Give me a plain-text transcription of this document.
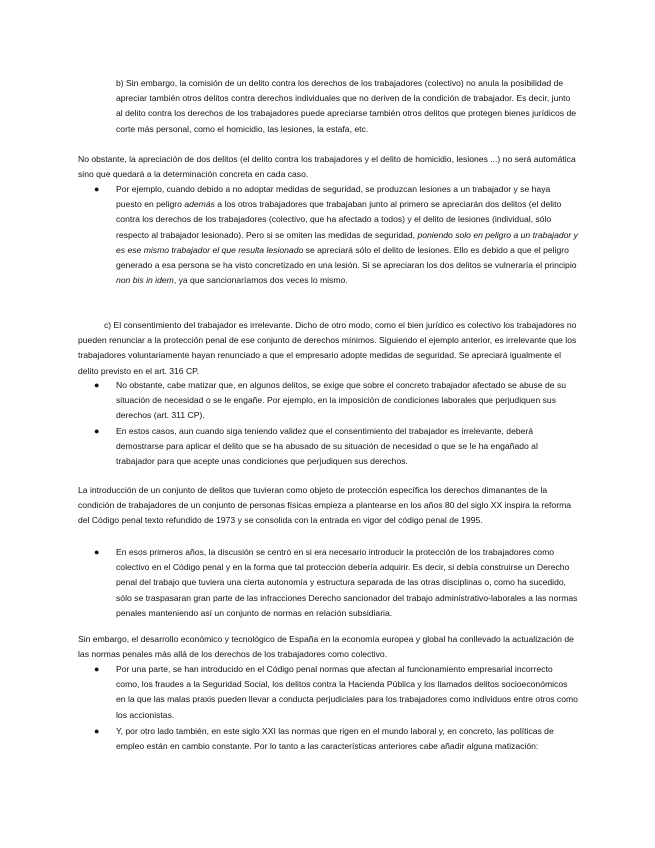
b) Sin embargo, la comisión de un delito contra los derechos de los trabajadores (colectivo) no anula la posibilidad de apreciar también otros delitos contra derechos individuales que no deriven de la condición de trabajador. Es decir, junto al delito contra los derechos de los trabajadores puede apreciarse también otros delitos que protegen bienes jurídicos de corte más personal, como el homicidio, las lesiones, la estafa, etc.

No obstante, la apreciación de dos delitos (el delito contra los trabajadores y el delito de homicidio, lesiones ...) no será automática sino que quedará a la determinación concreta en cada caso.

● Por ejemplo, cuando debido a no adoptar medidas de seguridad, se produzcan lesiones a un trabajador y se haya puesto en peligro además a los otros trabajadores que trabajaban junto al primero se apreciarán dos delitos (el delito contra los derechos de los trabajadores (colectivo, que ha afectado a todos) y el delito de lesiones (individual, sólo respecto al trabajador lesionado). Pero si se omiten las medidas de seguridad, poniendo solo en peligro a un trabajador y es ese mismo trabajador el que resulta lesionado se apreciará sólo el delito de lesiones. Ello es debido a que el peligro generado a esa persona se ha visto concretizado en una lesión. Si se apreciaran los dos delitos se vulneraría el principio non bis in idem, ya que sancionaríamos dos veces lo mismo.

c) El consentimiento del trabajador es irrelevante. Dicho de otro modo, como el bien jurídico es colectivo los trabajadores no pueden renunciar a la protección penal de ese conjunto de derechos mínimos. Siguiendo el ejemplo anterior, es irrelevante que los trabajadores voluntariamente hayan renunciado a que el empresario adopte medidas de seguridad. Se apreciará igualmente el delito previsto en el art. 316 CP.

● No obstante, cabe matizar que, en algunos delitos, se exige que sobre el concreto trabajador afectado se abuse de su situación de necesidad o se le engañe. Por ejemplo, en la imposición de condiciones laborales que perjudiquen sus derechos (art. 311 CP).
● En estos casos, aun cuando siga teniendo validez que el consentimiento del trabajador es irrelevante, deberá demostrarse para aplicar el delito que se ha abusado de su situación de necesidad o que se le ha engañado al trabajador para que acepte unas condiciones que perjudiquen sus derechos.

La introducción de un conjunto de delitos que tuvieran como objeto de protección específica los derechos dimanantes de la condición de trabajadores de un conjunto de personas físicas empieza a plantearse en los años 80 del siglo XX inspira la reforma del Código penal texto refundido de 1973 y se consolida con la entrada en vigor del código penal de 1995.

● En esos primeros años, la discusión se centró en si era necesario introducir la protección de los trabajadores como colectivo en el Código penal y en la forma que tal protección debería adquirir. Es decir, si debía construirse un Derecho penal del trabajo que tuviera una cierta autonomía y estructura separada de las otras disciplinas o, como ha sucedido, sólo se traspasaran gran parte de las infracciones Derecho sancionador del trabajo administrativo-laborales a las normas penales manteniendo así un conjunto de normas en relación subsidiaria.

Sin embargo, el desarrollo económico y tecnológico de España en la economía europea y global ha conllevado la actualización de las normas penales más allá de los derechos de los trabajadores como colectivo.

● Por una parte, se han introducido en el Código penal normas que afectan al funcionamiento empresarial incorrecto como, los fraudes a la Seguridad Social, los delitos contra la Hacienda Pública y los llamados delitos socioeconómicos en la que las malas praxis pueden llevar a conducta perjudiciales para los trabajadores como individuos entre otros como los accionistas.
● Y, por otro lado también, en este siglo XXI las normas que rigen en el mundo laboral y, en concreto, las políticas de empleo están en cambio constante. Por lo tanto a las características anteriores cabe añadir alguna matización:
